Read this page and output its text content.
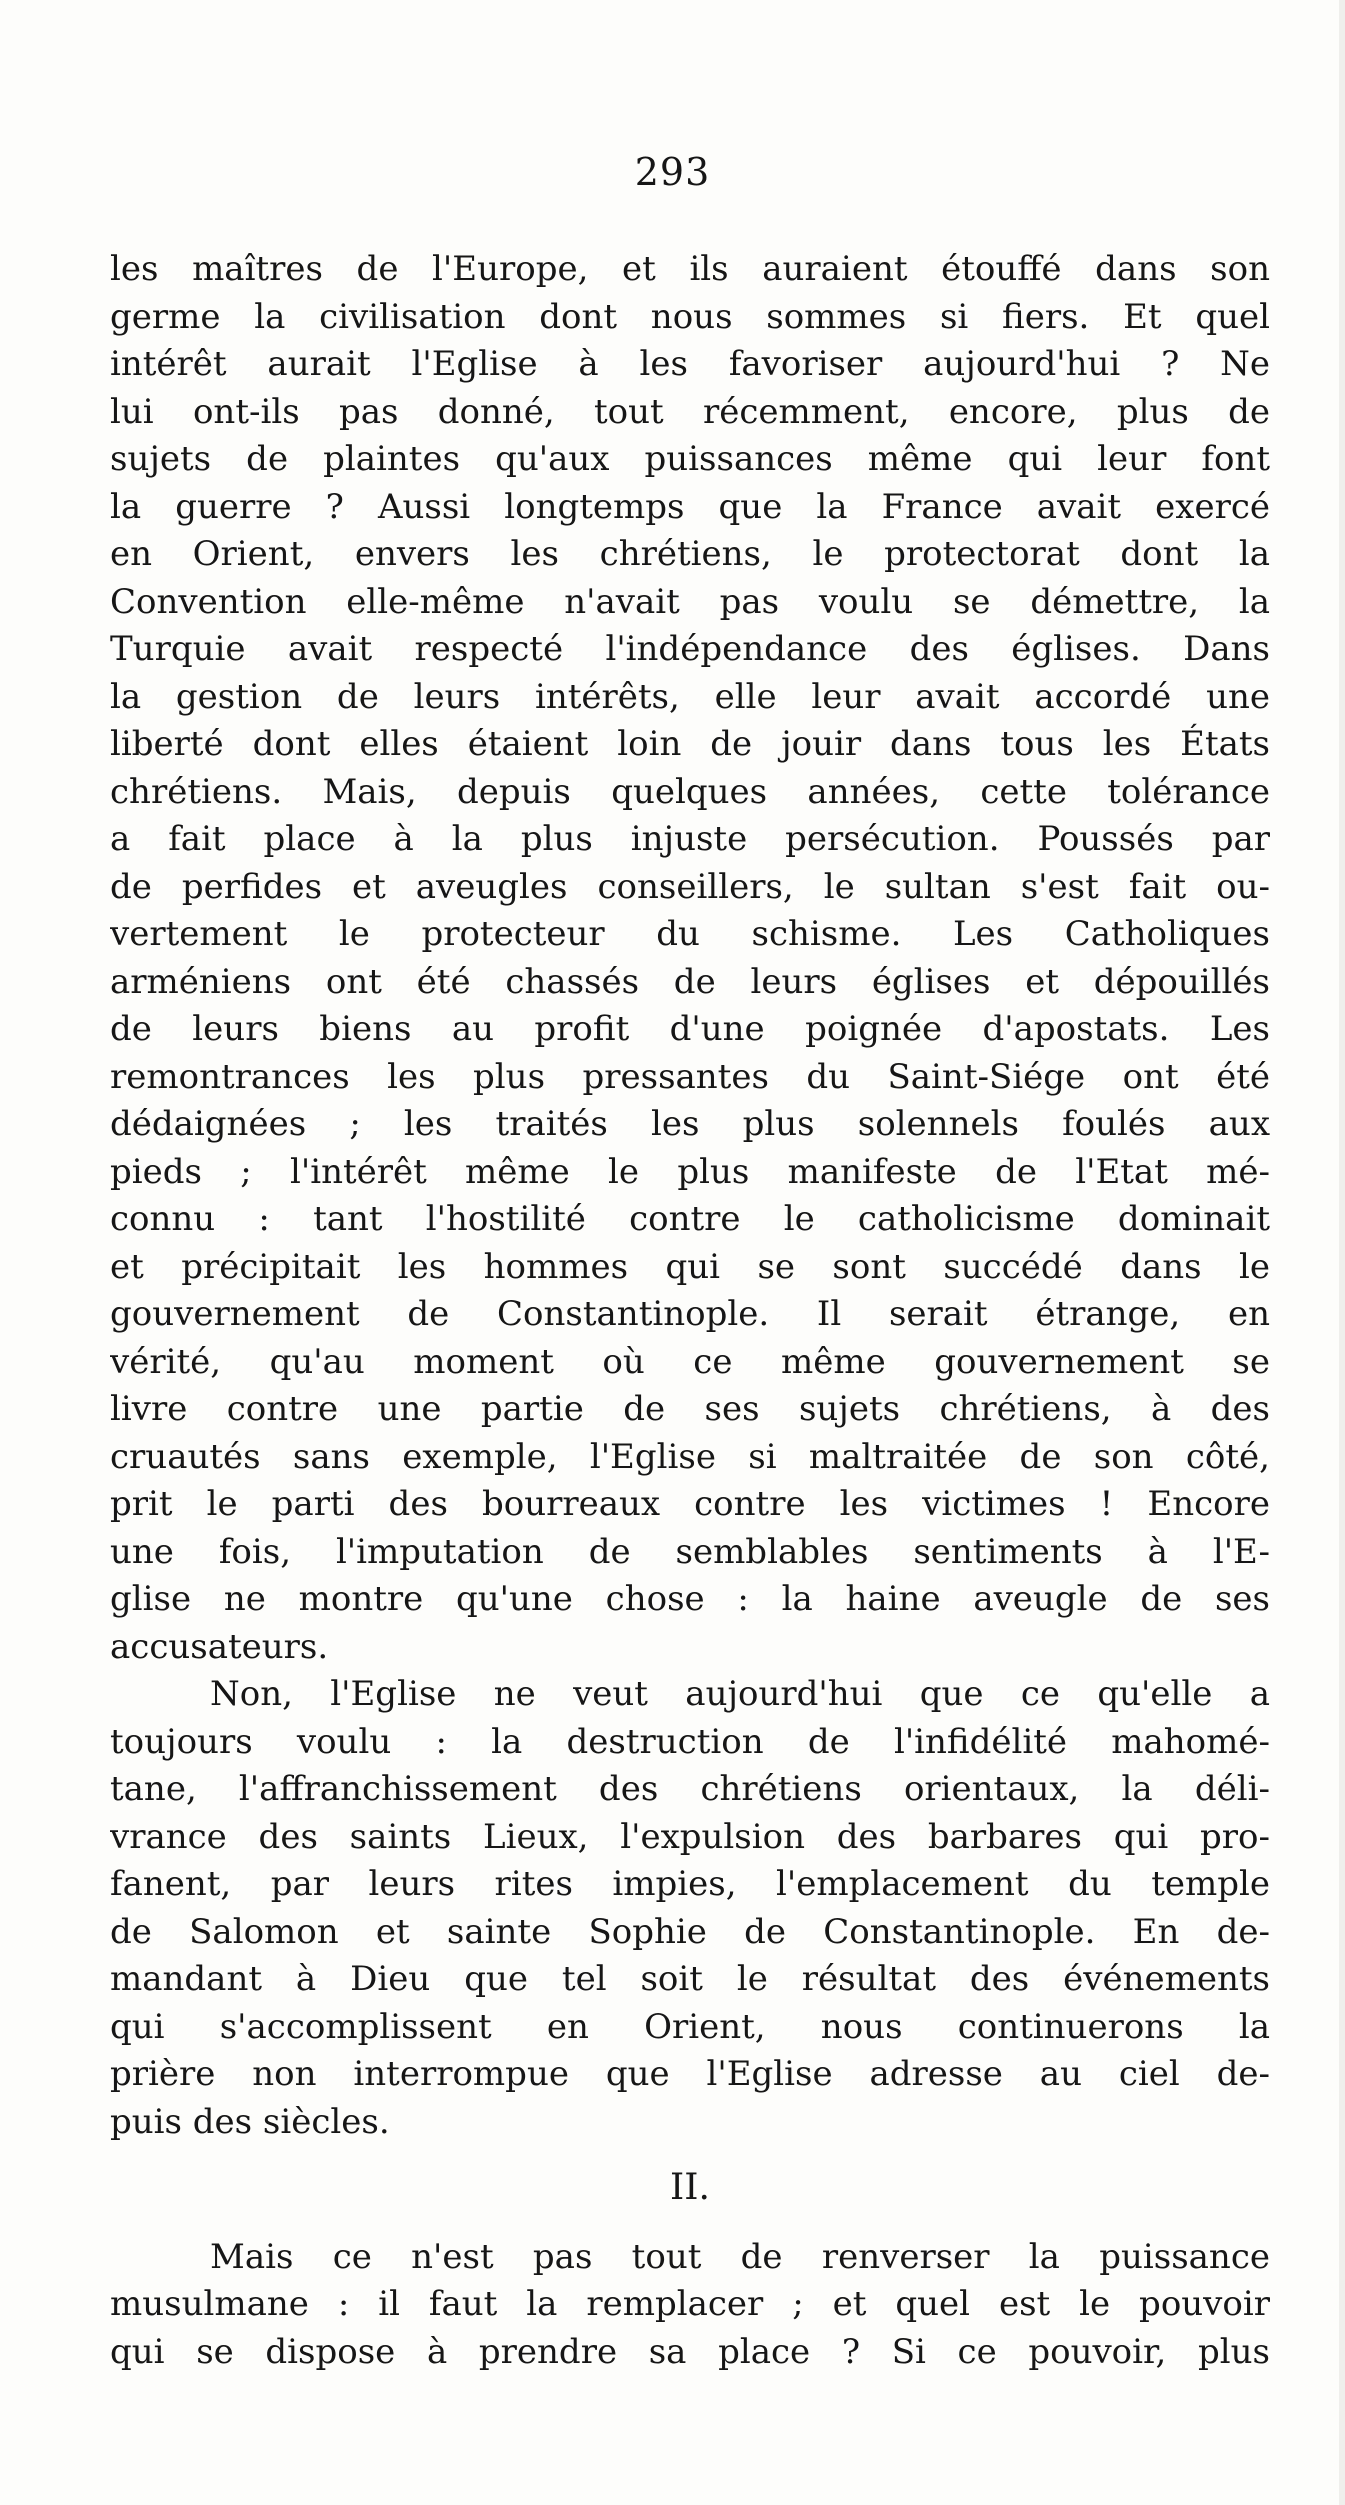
293
les maîtres de l'Europe, et ils auraient étouffé dans son
germe la civilisation dont nous sommes si fiers. Et quel
intérêt aurait l'Eglise à les favoriser aujourd'hui ? Ne
lui ont-ils pas donné, tout récemment, encore, plus de
sujets de plaintes qu'aux puissances même qui leur font
la guerre ? Aussi longtemps que la France avait exercé
en Orient, envers les chrétiens, le protectorat dont la
Convention elle-même n'avait pas voulu se démettre, la
Turquie avait respecté l'indépendance des églises. Dans
la gestion de leurs intérêts, elle leur avait accordé une
liberté dont elles étaient loin de jouir dans tous les États
chrétiens. Mais, depuis quelques années, cette tolérance
a fait place à la plus injuste persécution. Poussés par
de perfides et aveugles conseillers, le sultan s'est fait ou-
vertement le protecteur du schisme. Les Catholiques
arméniens ont été chassés de leurs églises et dépouillés
de leurs biens au profit d'une poignée d'apostats. Les
remontrances les plus pressantes du Saint-Siége ont été
dédaignées ; les traités les plus solennels foulés aux
pieds ; l'intérêt même le plus manifeste de l'Etat mé-
connu : tant l'hostilité contre le catholicisme dominait
et précipitait les hommes qui se sont succédé dans le
gouvernement de Constantinople. Il serait étrange, en
vérité, qu'au moment où ce même gouvernement se
livre contre une partie de ses sujets chrétiens, à des
cruautés sans exemple, l'Eglise si maltraitée de son côté,
prit le parti des bourreaux contre les victimes ! Encore
une fois, l'imputation de semblables sentiments à l'E-
glise ne montre qu'une chose : la haine aveugle de ses
accusateurs.
Non, l'Eglise ne veut aujourd'hui que ce qu'elle a
toujours voulu : la destruction de l'infidélité mahomé-
tane, l'affranchissement des chrétiens orientaux, la déli-
vrance des saints Lieux, l'expulsion des barbares qui pro-
fanent, par leurs rites impies, l'emplacement du temple
de Salomon et sainte Sophie de Constantinople. En de-
mandant à Dieu que tel soit le résultat des événements
qui s'accomplissent en Orient, nous continuerons la
prière non interrompue que l'Eglise adresse au ciel de-
puis des siècles.
II.
Mais ce n'est pas tout de renverser la puissance
musulmane : il faut la remplacer ; et quel est le pouvoir
qui se dispose à prendre sa place ? Si ce pouvoir, plus
